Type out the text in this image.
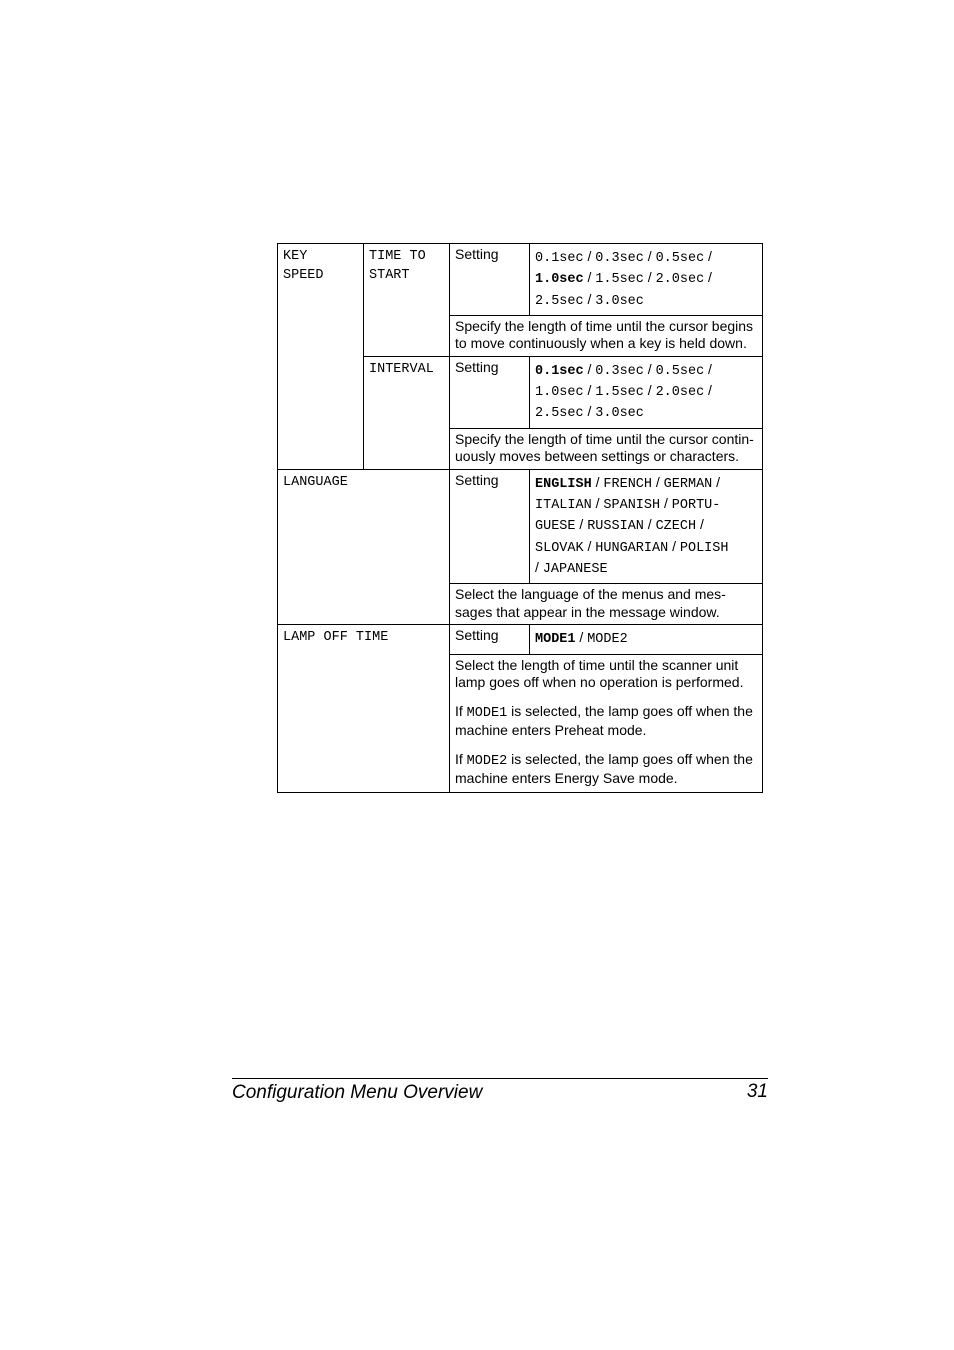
KEY
SPEED	TIME TO
START	Setting	0.1sec / 0.3sec / 0.5sec /
1.0sec / 1.5sec / 2.0sec /
2.5sec / 3.0sec

		Specify the length of time until the cursor begins to move continuously when a key is held down.	

	INTERVAL	Setting	0.1sec / 0.3sec / 0.5sec /
1.0sec / 1.5sec / 2.0sec /
2.5sec / 3.0sec
		Specify the length of time until the cursor contin-
uously moves between settings or characters.	
LANGUAGE		Setting	ENGLISH / FRENCH / GERMAN /
ITALIAN / SPANISH / PORTU-
GUESE / RUSSIAN / CZECH /
SLOVAK / HUNGARIAN / POLISH
/ JAPANESE
		Select the language of the menus and mes-
sages that appear in the message window.	
LAMP OFF TIME		Setting	MODE1 / MODE2

		Select the length of time until the scanner unit lamp goes off when no operation is performed.

If MODE1 is selected, the lamp goes off when the machine enters Preheat mode.

If MODE2 is selected, the lamp goes off when the machine enters Energy Save mode.	

Configuration Menu Overview	31
